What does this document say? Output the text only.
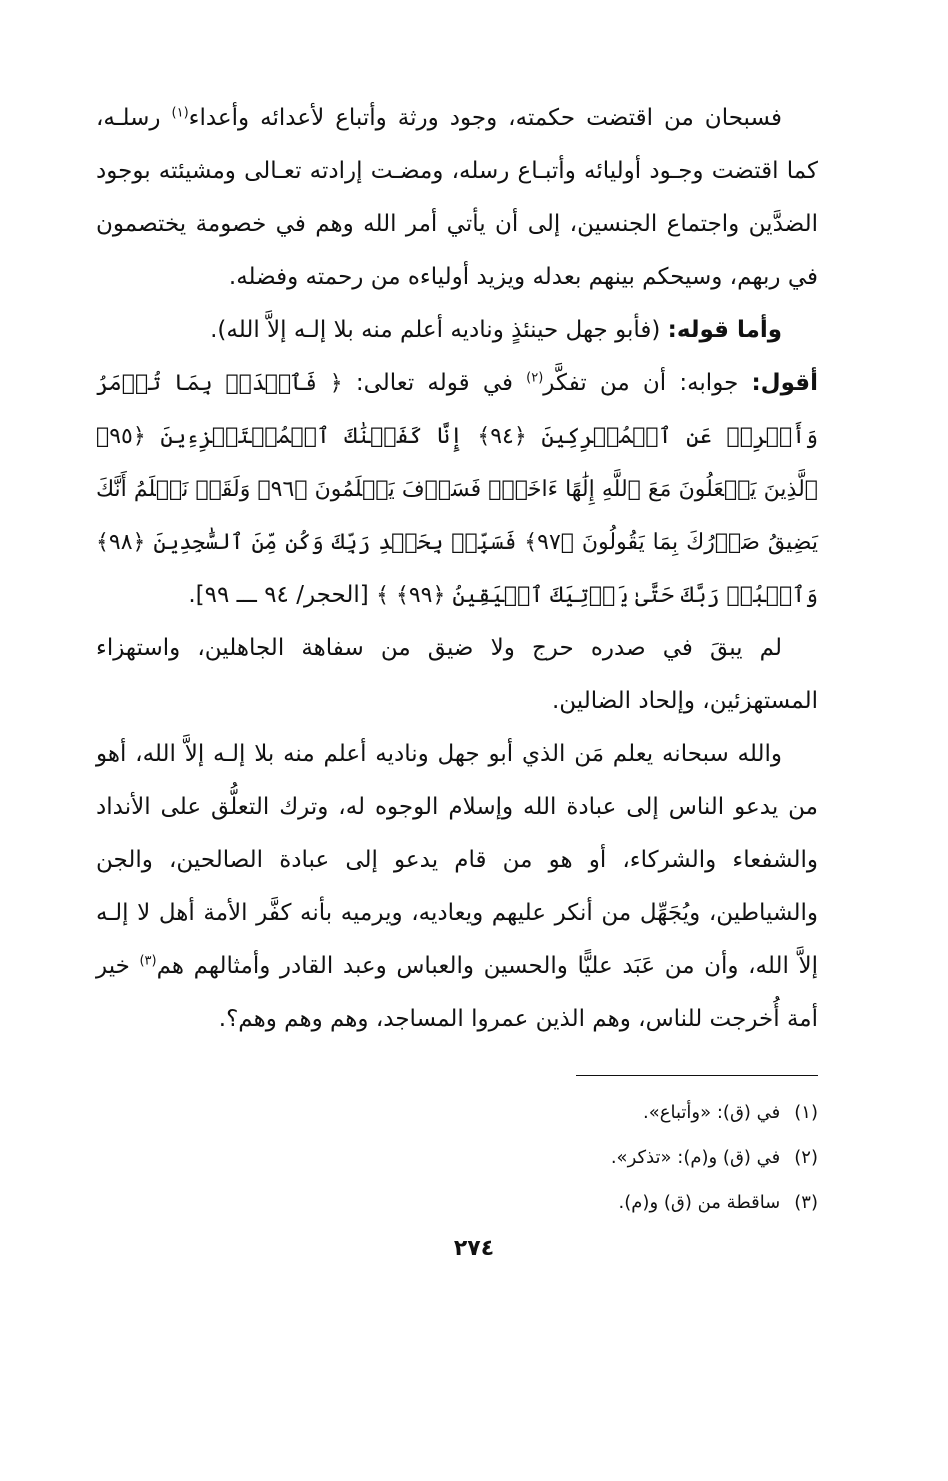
فسبحان من اقتضت حكمته، وجود ورثة وأتباع لأعدائه وأعداء$^{(١)}$ رسلـه، كما اقتضت وجـود أوليائه وأتبـاع رسله، ومضـت إرادته تعـالى ومشيئته بوجود الضدَّين واجتماع الجنسين، إلى أن يأتي أمر الله وهم في خصومة يختصمون في ربهم، وسيحكم بينهم بعدله ويزيد أولياءه من رحمته وفضله.

وأما قوله: (فأبو جهل حينئذٍ وناديه أعلم منه بلا إلـه إلاَّ الله).

أقول: جوابه: أن من تفكَّر$^{(٢)}$ في قوله تعالى: ﴿ فَٱصۡدَعۡ بِمَا تُؤۡمَرُ وَأَعۡرِضۡ عَنِ ٱلۡمُشۡرِكِينَ ﴿٩٤﴾ إِنَّا كَفَيۡنَٰكَ ٱلۡمُسۡتَهۡزِءِينَ ﴿٩٥﴾ ٱلَّذِينَ يَجۡعَلُونَ مَعَ ٱللَّهِ إِلَٰهًا ءَاخَرَۚ فَسَوۡفَ يَعۡلَمُونَ ﴿٩٦﴾ وَلَقَدۡ نَعۡلَمُ أَنَّكَ يَضِيقُ صَدۡرُكَ بِمَا يَقُولُونَ ﴿٩٧﴾ فَسَبِّحۡ بِحَمۡدِ رَبِّكَ وَكُن مِّنَ ٱلسَّٰجِدِينَ ﴿٩٨﴾ وَٱعۡبُدۡ رَبَّكَ حَتَّىٰ يَأۡتِيَكَ ٱلۡيَقِينُ ﴿٩٩﴾ ﴾ [الحجر/ ٩٤ ـــ ٩٩].

لم يبقَ في صدره حرج ولا ضيق من سفاهة الجاهلين، واستهزاء المستهزئين، وإلحاد الضالين.

والله سبحانه يعلم مَن الذي أبو جهل وناديه أعلم منه بلا إلـه إلاَّ الله، أهو من يدعو الناس إلى عبادة الله وإسلام الوجوه له، وترك التعلُّق على الأنداد والشفعاء والشركاء، أو هو من قام يدعو إلى عبادة الصالحين، والجن والشياطين، ويُجَهِّل من أنكر عليهم ويعاديه، ويرميه بأنه كفَّر الأمة أهل لا إلـه إلاَّ الله، وأن من عَبَد عليًّا والحسين والعباس وعبد القادر وأمثالهم هم$^{(٣)}$ خير أمة أُخرجت للناس، وهم الذين عمروا المساجد، وهم وهم وهم؟.

(١)في (ق): «وأتباع».
(٢)في (ق) و(م): «تذكر».
(٣)ساقطة من (ق) و(م).
٢٧٤
